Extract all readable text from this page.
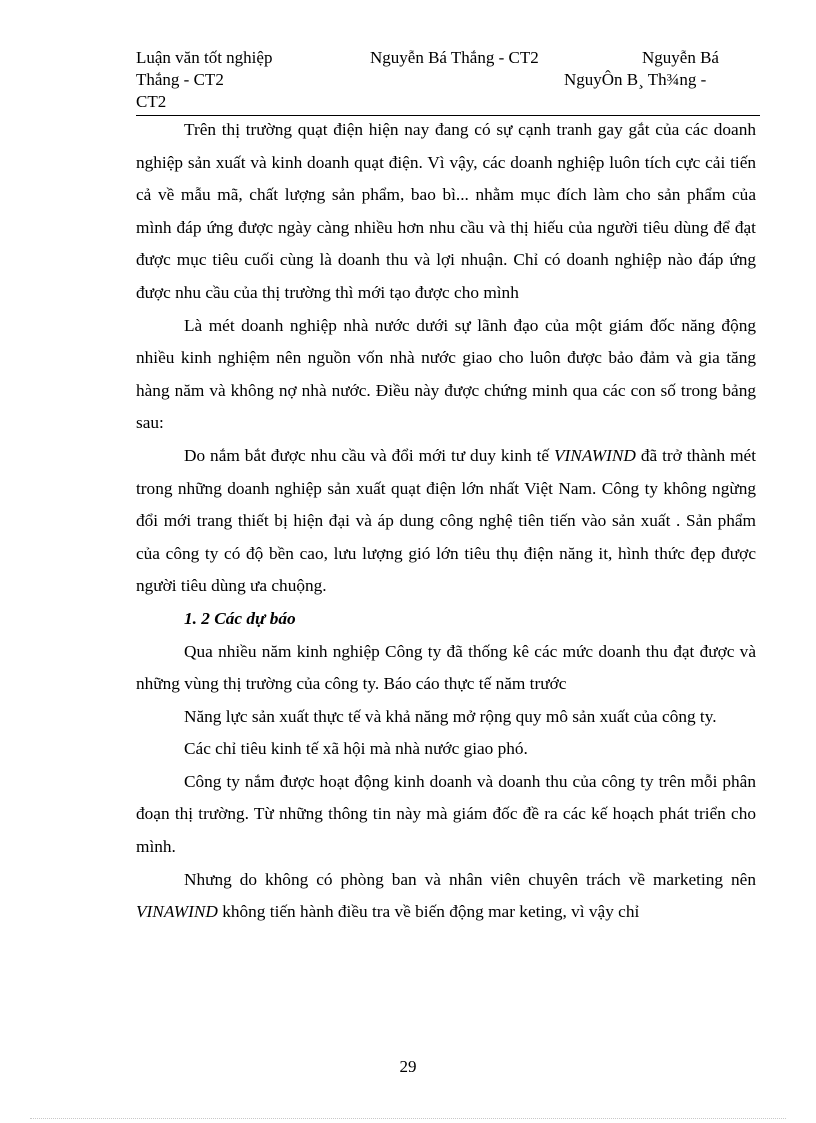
Luận văn tốt nghiệp	Nguyễn Bá Thắng - CT2	Nguyễn Bá
Thắng - CT2	NguyÔn B¸ Th¾ng -
CT2

Trên thị trường quạt điện hiện nay đang có sự cạnh tranh gay gắt của các doanh nghiệp sản xuất và kinh doanh quạt điện. Vì vậy, các doanh nghiệp luôn tích cực cải tiến cả về mẫu mã, chất lượng sản phẩm, bao bì... nhằm mục đích làm cho sản phẩm của mình đáp ứng được ngày càng nhiều hơn nhu cầu và thị hiếu của người tiêu dùng để đạt được mục tiêu cuối cùng là doanh thu và lợi nhuận. Chỉ có doanh nghiệp nào đáp ứng được nhu cầu của thị trường thì mới tạo được cho mình

Là mét doanh nghiệp nhà nước dưới sự lãnh đạo của một giám đốc năng động nhiều kinh nghiệm nên nguồn vốn nhà nước giao cho luôn được bảo đảm và gia tăng hàng năm và không nợ nhà nước. Điều này được chứng minh qua các con số trong bảng sau:

Do nắm bắt được nhu cầu và đổi mới tư duy kinh tế VINAWIND đã trở thành mét trong những doanh nghiệp sản xuất quạt điện lớn nhất Việt Nam. Công ty không ngừng đổi mới trang thiết bị hiện đại và áp dung công nghệ tiên tiến vào sản xuất . Sản phẩm của công ty có độ bền cao, lưu lượng gió lớn tiêu thụ điện năng it, hình thức đẹp được người tiêu dùng ưa chuộng.

1. 2 Các dự báo

Qua nhiều năm kinh nghiệp Công ty đã thống kê các mức doanh thu đạt được và những vùng thị trường của công ty. Báo cáo thực tế năm trước

Năng lực sản xuất thực tế và khả năng mở rộng quy mô sản xuất của công ty.

Các chỉ tiêu kinh tế xã hội mà nhà nước giao phó.

Công ty nắm được hoạt động kinh doanh và doanh thu của công ty trên mỗi phân đoạn thị trường. Từ những thông tin này mà giám đốc đề ra các kế hoạch phát triển cho mình.

Nhưng do không có phòng ban và nhân viên chuyên trách về marketing nên VINAWIND không tiến hành điều tra về biến động mar keting, vì vậy chỉ

29
